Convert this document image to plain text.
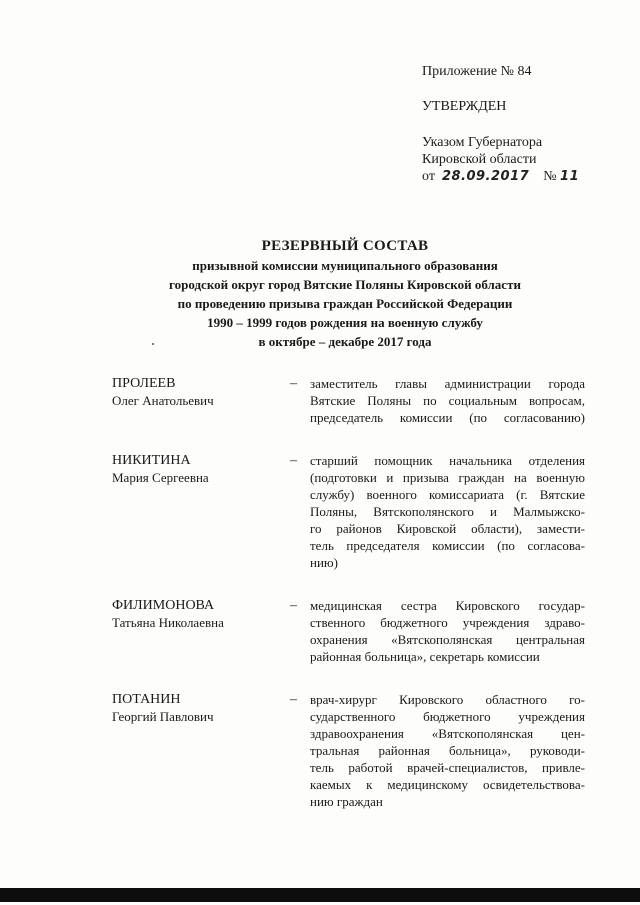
Приложение № 84
УТВЕРЖДЕН
Указом Губернатора
Кировской области
от 28.09.2017 № 11
РЕЗЕРВНЫЙ СОСТАВ
призывной комиссии муниципального образования
городской округ город Вятские Поляны Кировской области
по проведению призыва граждан Российской Федерации
1990 – 1999 годов рождения на военную службу
в октябре – декабре 2017 года
ПРОЛЕЕВ
Олег Анатольевич
–	заместитель главы администрации города
Вятские Поляны по социальным вопросам,
председатель комиссии (по согласованию)
НИКИТИНА
Мария Сергеевна
–	старший помощник начальника отделения
(подготовки и призыва граждан на военную
службу) военного комиссариата (г. Вятские
Поляны, Вятскополянского и Малмыжско-
го районов Кировской области), замести-
тель председателя комиссии (по согласова-
нию)
ФИЛИМОНОВА
Татьяна Николаевна
–	медицинская сестра Кировского государ-
ственного бюджетного учреждения здраво-
охранения «Вятскополянская центральная
районная больница», секретарь комиссии
ПОТАНИН
Георгий Павлович
–	врач-хирург Кировского областного го-
сударственного бюджетного учреждения
здравоохранения «Вятскополянская цен-
тральная районная больница», руководи-
тель работой врачей-специалистов, привле-
каемых к медицинскому освидетельствова-
нию граждан
